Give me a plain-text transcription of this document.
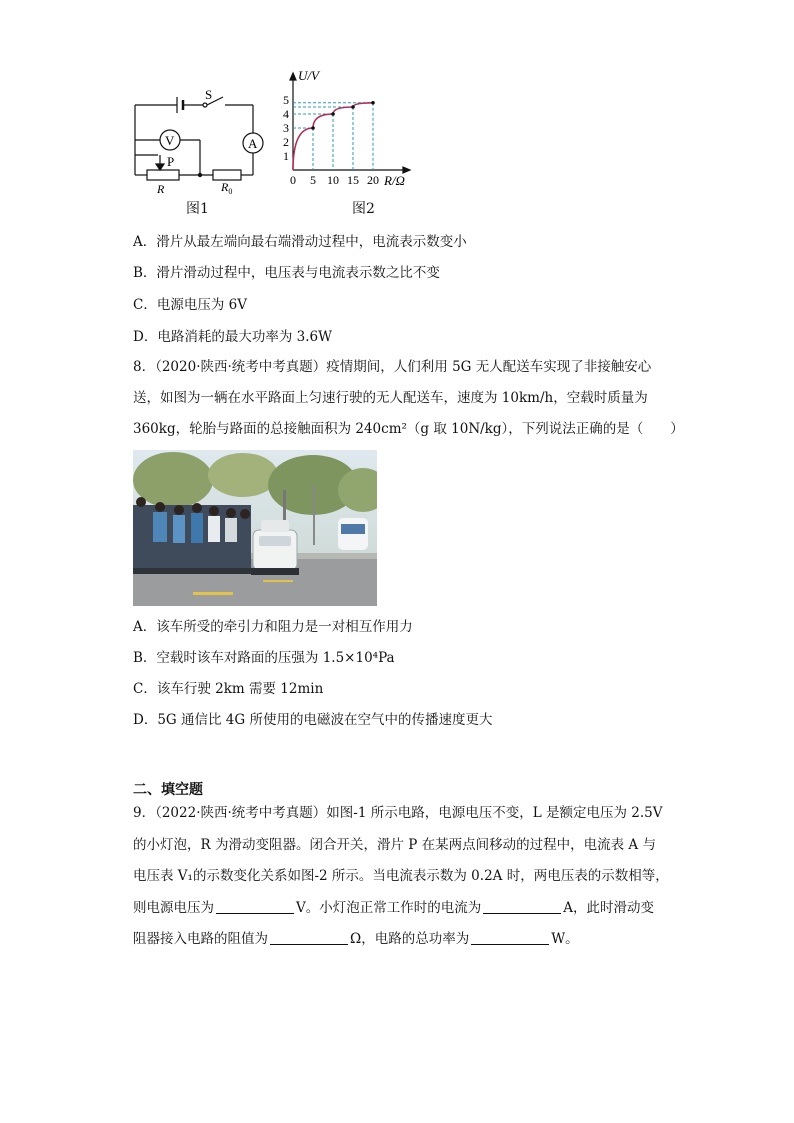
S
V	A
P
R	$R_0$
图1
1
2
3
4
5
0 5 10 15 20
U/V
R/Ω
图2
A．滑片从最左端向最右端滑动过程中，电流表示数变小
B．滑片滑动过程中，电压表与电流表示数之比不变
C．电源电压为 6V
D．电路消耗的最大功率为 3.6W
8．（2020·陕西·统考中考真题）疫情期间，人们利用 5G 无人配送车实现了非接触安心
送，如图为一辆在水平路面上匀速行驶的无人配送车，速度为 10km/h，空载时质量为
360kg，轮胎与路面的总接触面积为 240cm²（g 取 10N/kg），下列说法正确的是（　　）
A．该车所受的牵引力和阻力是一对相互作用力
B．空载时该车对路面的压强为 1.5×10⁴Pa
C．该车行驶 2km 需要 12min
D．5G 通信比 4G 所使用的电磁波在空气中的传播速度更大
二、填空题
9．（2022·陕西·统考中考真题）如图-1 所示电路，电源电压不变，L 是额定电压为 2.5V
的小灯泡，R 为滑动变阻器。闭合开关，滑片 P 在某两点间移动的过程中，电流表 A 与
电压表 V₁的示数变化关系如图-2 所示。当电流表示数为 0.2A 时，两电压表的示数相等，
则电源电压为	V。小灯泡正常工作时的电流为	A，此时滑动变
阻器接入电路的阻值为	Ω，电路的总功率为	W。
